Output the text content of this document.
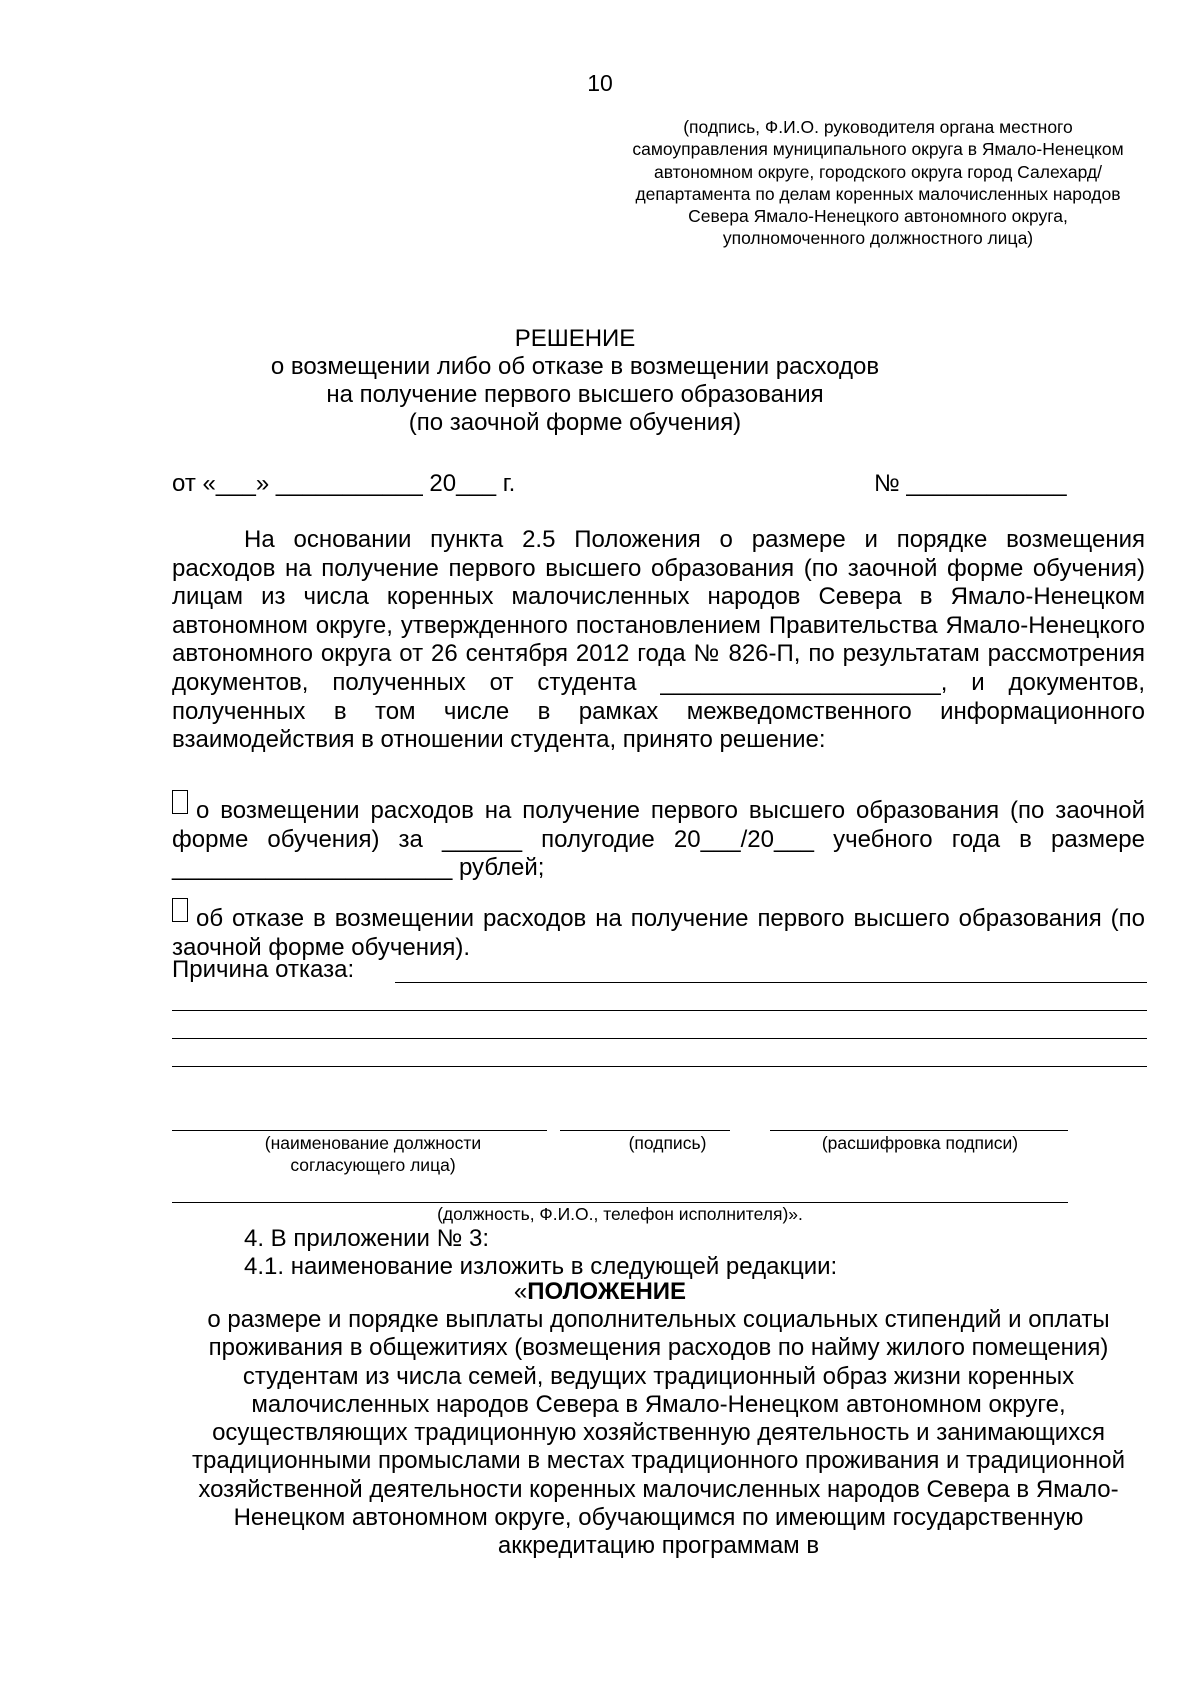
10
(подпись, Ф.И.О. руководителя органа местного самоуправления муниципального округа в Ямало-Ненецком автономном округе, городского округа город Салехард/департамента по делам коренных малочисленных народов Севера Ямало-Ненецкого автономного округа, уполномоченного должностного лица)
РЕШЕНИЕ
о возмещении либо об отказе в возмещении расходов
на получение первого высшего образования
(по заочной форме обучения)
от «___» ___________ 20___ г.	№ ____________
На основании пункта 2.5 Положения о размере и порядке возмещения расходов на получение первого высшего образования (по заочной форме обучения) лицам из числа коренных малочисленных народов Севера в Ямало-Ненецком автономном округе, утвержденного постановлением Правительства Ямало-Ненецкого автономного округа от 26 сентября 2012 года № 826-П, по результатам рассмотрения документов, полученных от студента _____________________, и документов, полученных в том числе в рамках межведомственного информационного взаимодействия в отношении студента, принято решение:
о возмещении расходов на получение первого высшего образования (по заочной форме обучения) за ______ полугодие 20___/20___ учебного года в размере _____________________ рублей;
об отказе в возмещении расходов на получение первого высшего образования (по заочной форме обучения).
Причина отказа:
(наименование должности согласующего лица)
(подпись)	(расшифровка подписи)
(должность, Ф.И.О., телефон исполнителя)».
4. В приложении № 3:
4.1. наименование изложить в следующей редакции:
«ПОЛОЖЕНИЕ
о размере и порядке выплаты дополнительных социальных стипендий и оплаты проживания в общежитиях (возмещения расходов по найму жилого помещения) студентам из числа семей, ведущих традиционный образ жизни коренных малочисленных народов Севера в Ямало-Ненецком автономном округе, осуществляющих традиционную хозяйственную деятельность и занимающихся традиционными промыслами в местах традиционного проживания и традиционной хозяйственной деятельности коренных малочисленных народов Севера в Ямало-Ненецком автономном округе, обучающимся по имеющим государственную аккредитацию программам в
